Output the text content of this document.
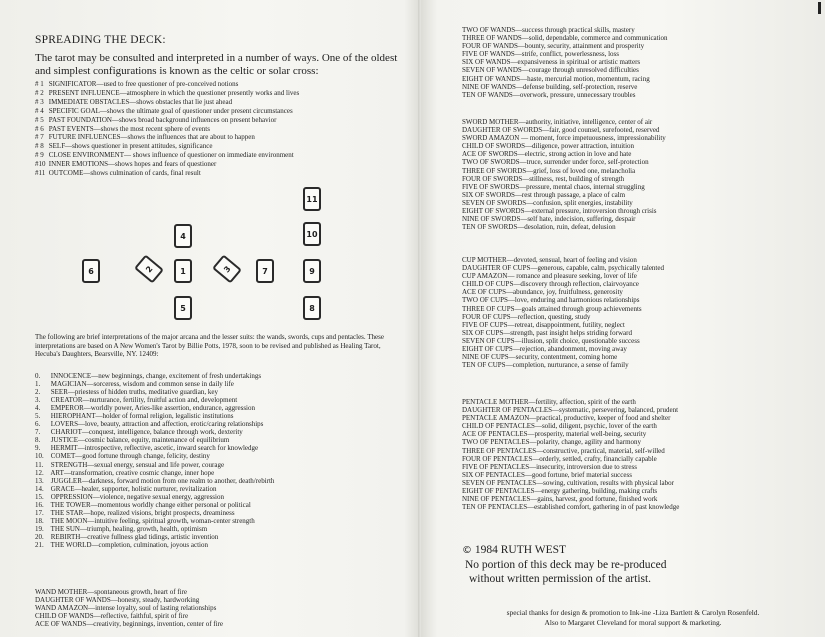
SPREADING THE DECK:

The tarot may be consulted and interpreted in a number of ways. One of the oldest and simplest configurations is known as the celtic or solar cross:

# 1 SIGNIFICATOR—used to free questioner of pre-conceived notions
# 2 PRESENT INFLUENCE—atmosphere in which the questioner presently works and lives
# 3 IMMEDIATE OBSTACLES—shows obstacles that lie just ahead
# 4 SPECIFIC GOAL—shows the ultimate goal of questioner under present circumstances
# 5 PAST FOUNDATION—shows broad background influences on present behavior
# 6 PAST EVENTS—shows the most recent sphere of events
# 7 FUTURE INFLUENCES—shows the influences that are about to happen
# 8 SELF—shows questioner in present attitudes, significance
# 9 CLOSE ENVIRONMENT— shows influence of questioner on immediate environment
#10 INNER EMOTIONS—shows hopes and fears of questioner
#11 OUTCOME—shows culmination of cards, final result
11
10
4
6	2	1	3	7	9
5	8

The following are brief interpretations of the major arcana and the lesser suits: the wands, swords, cups and pentacles. These interpretations are based on A New Women's Tarot by Billie Potts, 1978, soon to be revised and published as Healing Tarot, Hecuba's Daughters, Bearsville, NY. 12409:

0. INNOCENCE—new beginnings, change, excitement of fresh undertakings
1. MAGICIAN—sorceress, wisdom and common sense in daily life
2. SEER—priestess of hidden truths, meditative guardian, key
3. CREATOR—nurturance, fertility, fruitful action and, development
4. EMPEROR—worldly power, Aries-like assertion, endurance, aggression
5. HIEROPHANT—holder of formal religion, legalistic institutions
6. LOVERS—love, beauty, attraction and affection, erotic/caring relationships
7. CHARIOT—conquest, intelligence, balance through work, dexterity
8. JUSTICE—cosmic balance, equity, maintenance of equilibrium
9. HERMIT—introspective, reflective, ascetic, inward search for knowledge
10. COMET—good fortune through change, felicity, destiny
11. STRENGTH—sexual energy, sensual and life power, courage
12. ART—transformation, creative cosmic change, inner hope
13. JUGGLER—darkness, forward motion from one realm to another, death/rebirth
14. GRACE—healer, supporter, holistic nurturer, revitalization
15. OPPRESSION—violence, negative sexual energy, aggression
16. THE TOWER—momentous worldly change either personal or political
17. THE STAR—hope, realized visions, bright prospects, dreaminess
18. THE MOON—intuitive feeling, spiritual growth, woman-center strength
19. THE SUN—triumph, healing, growth, health, optimism
20. REBIRTH—creative fullness glad tidings, artistic invention
21. THE WORLD—completion, culmination, joyous action
WAND MOTHER—spontaneous growth, heart of fire
DAUGHTER OF WANDS—honesty, steady, hardworking
WAND AMAZON—intense loyalty, soul of lasting relationships
CHILD OF WANDS—reflective, faithful, spirit of fire
ACE OF WANDS—creativity, beginnings, invention, center of fire
TWO OF WANDS—success through practical skills, mastery
THREE OF WANDS—solid, dependable, commerce and communication
FOUR OF WANDS—bounty, security, attainment and prosperity
FIVE OF WANDS—strife, conflict, powerlessness, loss
SIX OF WANDS—expansiveness in spiritual or artistic matters
SEVEN OF WANDS—courage through unresolved difficulties
EIGHT OF WANDS—haste, mercurial motion, momentum, racing
NINE OF WANDS—defense building, self-protection, reserve
TEN OF WANDS—overwork, pressure, unnecessary troubles
SWORD MOTHER—authority, initiative, intelligence, center of air
DAUGHTER OF SWORDS—fair, good counsel, surefooted, reserved
SWORD AMAZON — moment, force impetuousness, impressionability
CHILD OF SWORDS—diligence, power attraction, intuition
ACE OF SWORDS—electric, strong action in love and hate
TWO OF SWORDS—truce, surrender under force, self-protection
THREE OF SWORDS—grief, loss of loved one, melancholia
FOUR OF SWORDS—stillness, rest, building of strength
FIVE OF SWORDS—pressure, mental chaos, internal struggling
SIX OF SWORDS—rest through passage, a place of calm
SEVEN OF SWORDS—confusion, split energies, instability
EIGHT OF SWORDS—external pressure, introversion through crisis
NINE OF SWORDS—self hate, indecision, suffering, despair
TEN OF SWORDS—desolation, ruin, defeat, delusion
CUP MOTHER—devoted, sensual, heart of feeling and vision
DAUGHTER OF CUPS—generous, capable, calm, psychically talented
CUP AMAZON— romance and pleasure seeking, lover of life
CHILD OF CUPS—discovery through reflection, clairvoyance
ACE OF CUPS—abundance, joy, fruitfulness, generosity
TWO OF CUPS—love, enduring and harmonious relationships
THREE OF CUPS—goals attained through group achievements
FOUR OF CUPS—reflection, questing, study
FIVE OF CUPS—retreat, disappointment, futility, neglect
SIX OF CUPS—strength, past insight helps striding forward
SEVEN OF CUPS—illusion, split choice, questionable success
EIGHT OF CUPS—rejection, abandonment, moving away
NINE OF CUPS—security, contentment, coming home
TEN OF CUPS—completion, nurturance, a sense of family
PENTACLE MOTHER—fertility, affection, spirit of the earth
DAUGHTER OF PENTACLES—systematic, persevering, balanced, prudent
PENTACLE AMAZON—practical, productive, keeper of food and shelter
CHILD OF PENTACLES—solid, diligent, psychic, lover of the earth
ACE OF PENTACLES—prosperity, material well-being, security
TWO OF PENTACLES—polarity, change, agility and harmony
THREE OF PENTACLES—constructive, practical, material, self-willed
FOUR OF PENTACLES—orderly, settled, crafty, financially capable
FIVE OF PENTACLES—insecurity, introversion due to stress
SIX OF PENTACLES—good fortune, brief material success
SEVEN OF PENTACLES—sowing, cultivation, results with physical labor
EIGHT OF PENTACLES—energy gathering, building, making crafts
NINE OF PENTACLES—gains, harvest, good fortune, finished work
TEN OF PENTACLES—established comfort, gathering in of past knowledge
© 1984 RUTH WEST
No portion of this deck may be re-produced
without written permission of the artist.
special thanks for design & promotion to Ink-ine -Liza Bartlett & Carolyn Rosenfeld.
Also to Margaret Cleveland for moral support & marketing.
